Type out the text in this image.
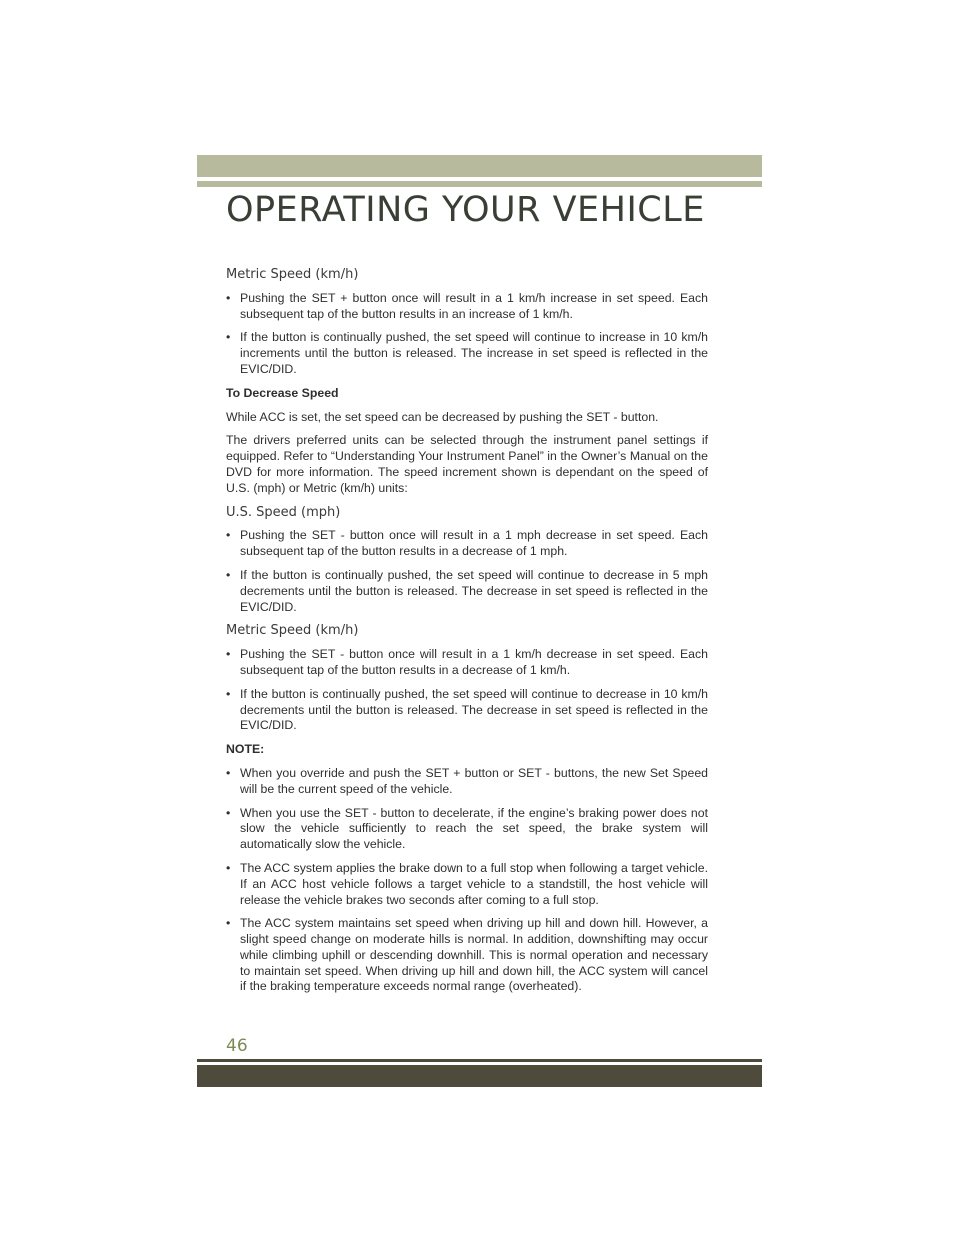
OPERATING YOUR VEHICLE
Metric Speed (km/h)
• Pushing the SET + button once will result in a 1 km/h increase in set speed. Each subsequent tap of the button results in an increase of 1 km/h.
• If the button is continually pushed, the set speed will continue to increase in 10 km/h increments until the button is released. The increase in set speed is reflected in the EVIC/DID.
To Decrease Speed

While ACC is set, the set speed can be decreased by pushing the SET - button.

The drivers preferred units can be selected through the instrument panel settings if equipped. Refer to “Understanding Your Instrument Panel” in the Owner’s Manual on the DVD for more information. The speed increment shown is dependant on the speed of U.S. (mph) or Metric (km/h) units:

U.S. Speed (mph)
• Pushing the SET - button once will result in a 1 mph decrease in set speed. Each subsequent tap of the button results in a decrease of 1 mph.
• If the button is continually pushed, the set speed will continue to decrease in 5 mph decrements until the button is released. The decrease in set speed is reflected in the EVIC/DID.
Metric Speed (km/h)
• Pushing the SET - button once will result in a 1 km/h decrease in set speed. Each subsequent tap of the button results in a decrease of 1 km/h.
• If the button is continually pushed, the set speed will continue to decrease in 10 km/h decrements until the button is released. The decrease in set speed is reflected in the EVIC/DID.
NOTE:
• When you override and push the SET + button or SET - buttons, the new Set Speed will be the current speed of the vehicle.
• When you use the SET - button to decelerate, if the engine’s braking power does not slow the vehicle sufficiently to reach the set speed, the brake system will automatically slow the vehicle.
• The ACC system applies the brake down to a full stop when following a target vehicle. If an ACC host vehicle follows a target vehicle to a standstill, the host vehicle will release the vehicle brakes two seconds after coming to a full stop.
• The ACC system maintains set speed when driving up hill and down hill. However, a slight speed change on moderate hills is normal. In addition, downshifting may occur while climbing uphill or descending downhill. This is normal operation and necessary to maintain set speed. When driving up hill and down hill, the ACC system will cancel if the braking temperature exceeds normal range (overheated).
46
